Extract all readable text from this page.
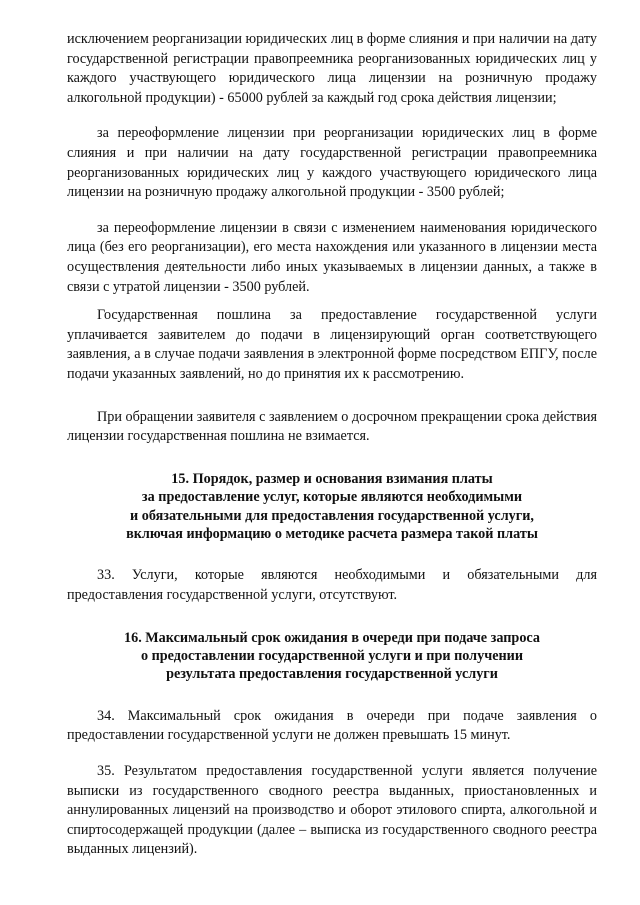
исключением реорганизации юридических лиц в форме слияния и при наличии на дату государственной регистрации правопреемника реорганизованных юридических лиц у каждого участвующего юридического лица лицензии на розничную продажу алкогольной продукции) - 65000 рублей за каждый год срока действия лицензии;

за переоформление лицензии при реорганизации юридических лиц в форме слияния и при наличии на дату государственной регистрации правопреемника реорганизованных юридических лиц у каждого участвующего юридического лица лицензии на розничную продажу алкогольной продукции - 3500 рублей;

за переоформление лицензии в связи с изменением наименования юридического лица (без его реорганизации), его места нахождения или указанного в лицензии места осуществления деятельности либо иных указываемых в лицензии данных, а также в связи с утратой лицензии - 3500 рублей.

Государственная пошлина за предоставление государственной услуги уплачивается заявителем до подачи в лицензирующий орган соответствующего заявления, а в случае подачи заявления в электронной форме посредством ЕПГУ, после подачи указанных заявлений, но до принятия их к рассмотрению.

При обращении заявителя с заявлением о досрочном прекращении срока действия лицензии государственная пошлина не взимается.

15. Порядок, размер и основания взимания платы

за предоставление услуг, которые являются необходимыми

и обязательными для предоставления государственной услуги,

включая информацию о методике расчета размера такой платы

33. Услуги, которые являются необходимыми и обязательными для предоставления государственной услуги, отсутствуют.

16. Максимальный срок ожидания в очереди при подаче запроса

о предоставлении государственной услуги и при получении

результата предоставления государственной услуги

34. Максимальный срок ожидания в очереди при подаче заявления о предоставлении государственной услуги не должен превышать 15 минут.

35. Результатом предоставления государственной услуги является получение выписки из государственного сводного реестра выданных, приостановленных и аннулированных лицензий на производство и оборот этилового спирта, алкогольной и спиртосодержащей продукции (далее – выписка из государственного сводного реестра выданных лицензий).
